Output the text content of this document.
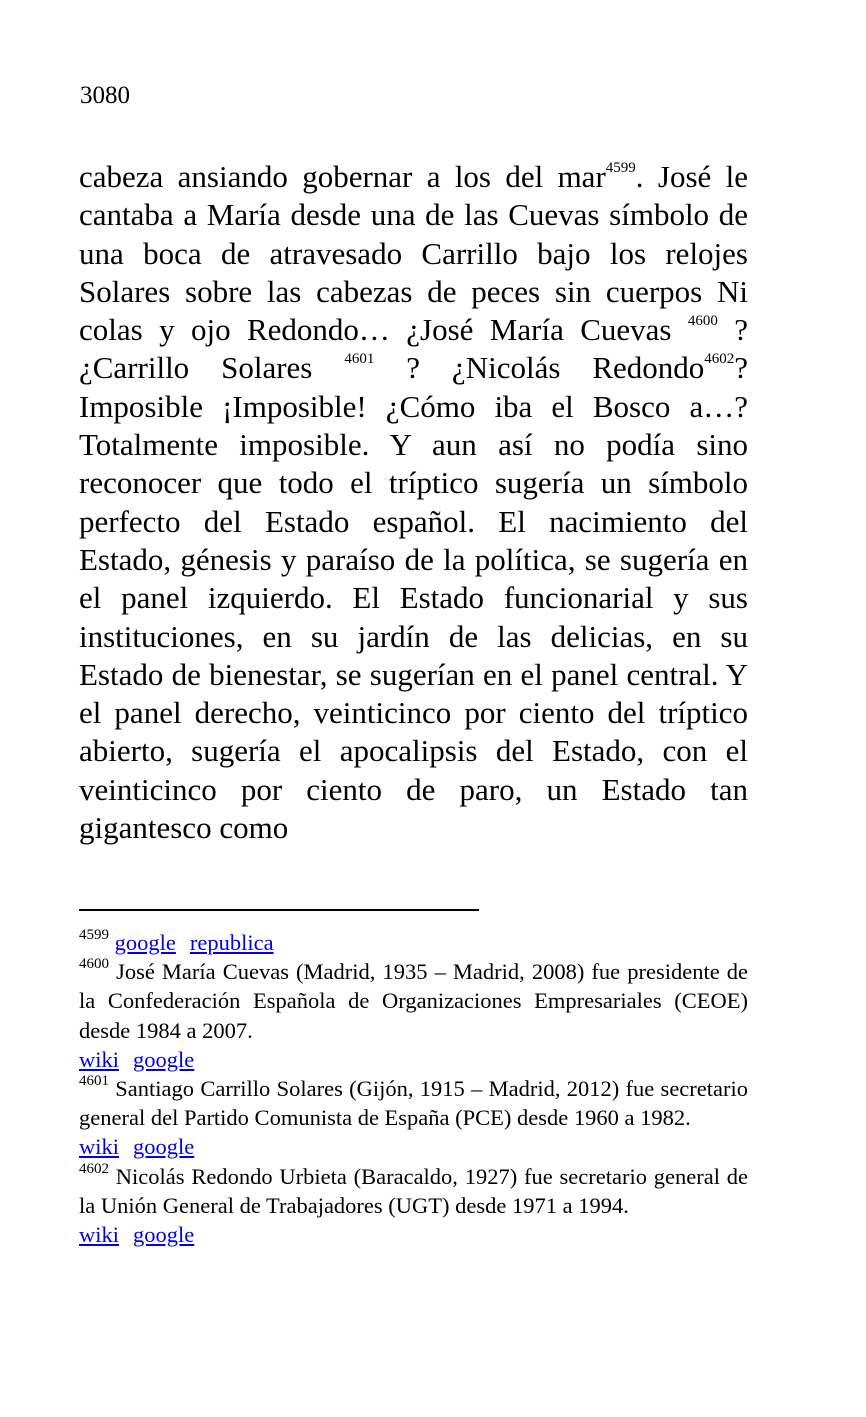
3080

cabeza ansiando gobernar a los del mar$^{4599}$. José le cantaba a María desde una de las Cuevas símbolo de una boca de atravesado Carrillo bajo los relojes Solares sobre las cabezas de peces sin cuerpos Ni colas y ojo Redondo… ¿José María Cuevas $^{4600}$ ? ¿Carrillo Solares $^{4601}$ ? ¿Nicolás Redondo$^{4602}$? Imposible ¡Imposible! ¿Cómo iba el Bosco a…? Totalmente imposible. Y aun así no podía sino reconocer que todo el tríptico sugería un símbolo perfecto del Estado español. El nacimiento del Estado, génesis y paraíso de la política, se sugería en el panel izquierdo. El Estado funcionarial y sus instituciones, en su jardín de las delicias, en su Estado de bienestar, se sugerían en el panel central. Y el panel derecho, veinticinco por ciento del tríptico abierto, sugería el apocalipsis del Estado, con el veinticinco por ciento de paro, un Estado tan gigantesco como

$^{4599}$ google republica

$^{4600}$ José María Cuevas (Madrid, 1935 – Madrid, 2008) fue presidente de la Confederación Española de Organizaciones Empresariales (CEOE) desde 1984 a 2007.

wiki google

$^{4601}$ Santiago Carrillo Solares (Gijón, 1915 – Madrid, 2012) fue secretario general del Partido Comunista de España (PCE) desde 1960 a 1982.

wiki google

$^{4602}$ Nicolás Redondo Urbieta (Baracaldo, 1927) fue secretario general de la Unión General de Trabajadores (UGT) desde 1971 a 1994.

wiki google
